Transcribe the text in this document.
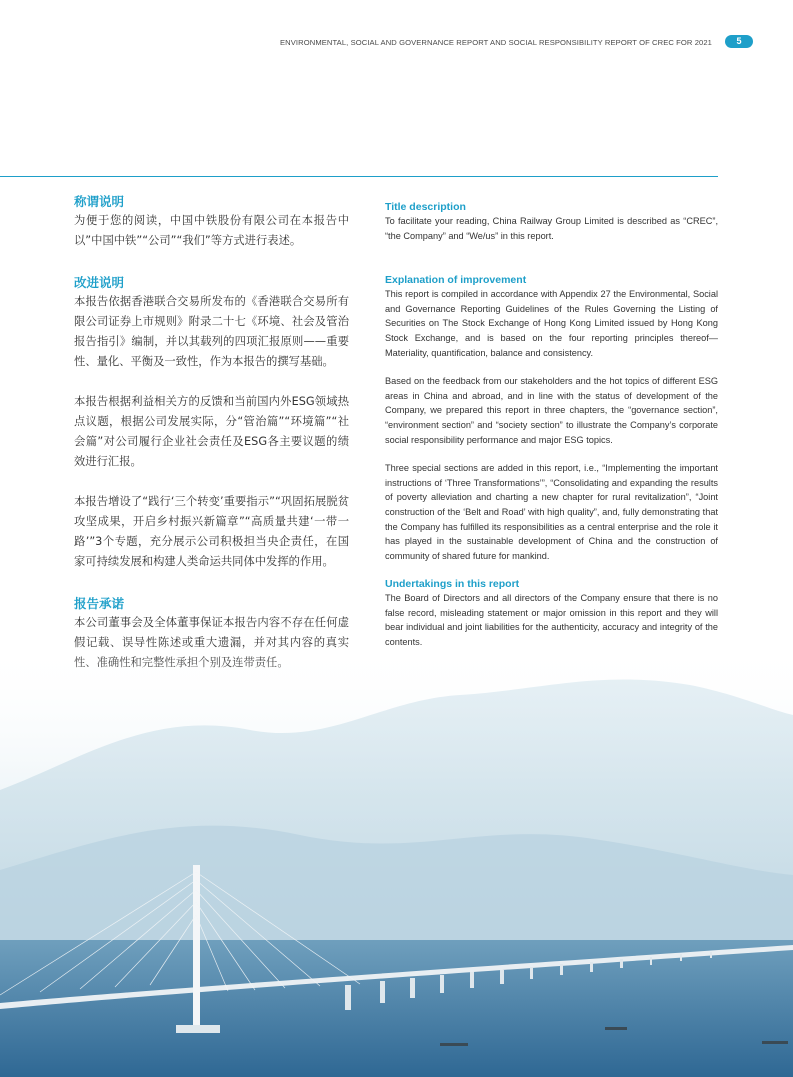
ENVIRONMENTAL, SOCIAL AND GOVERNANCE REPORT AND SOCIAL RESPONSIBILITY REPORT OF CREC FOR 2021	5
称谓说明

为便于您的阅读，中国中铁股份有限公司在本报告中以”中国中铁”“公司”“我们”等方式进行表述。

改进说明

本报告依据香港联合交易所发布的《香港联合交易所有限公司证券上市规则》附录二十七《环境、社会及管治报告指引》编制，并以其载列的四项汇报原则——重要性、量化、平衡及一致性，作为本报告的撰写基础。

本报告根据利益相关方的反馈和当前国内外ESG领域热点议题，根据公司发展实际，分“管治篇”“环境篇”“社会篇”对公司履行企业社会责任及ESG各主要议题的绩效进行汇报。

本报告增设了“践行‘三个转变’重要指示”“巩固拓展脱贫攻坚成果，开启乡村振兴新篇章”“高质量共建‘一带一路’”3个专题，充分展示公司积极担当央企责任，在国家可持续发展和构建人类命运共同体中发挥的作用。

报告承诺

本公司董事会及全体董事保证本报告内容不存在任何虚

Title description

To facilitate your reading, China Railway Group Limited is described as “CREC”, “the Company” and “We/us” in this report.

Explanation of improvement

This report is compiled in accordance with Appendix 27 the Environmental, Social and Governance Reporting Guidelines of the Rules Governing the Listing of Securities on The Stock Exchange of Hong Kong Limited issued by Hong Kong Stock Exchange, and is based on the four reporting principles thereof—Materiality, quantification, balance and consistency.

Based on the feedback from our stakeholders and the hot topics of different ESG areas in China and abroad, and in line with the status of development of the Company, we prepared this report in three chapters, the “governance section”, “environment section” and “society section” to illustrate the Company’s corporate social responsibility performance and major ESG topics.

Three special sections are added in this report, i.e., “Implementing the important instructions of ‘Three Transformations’”, “Consolidating and expanding the results of poverty alleviation and charting a new chapter for rural revitalization”, “Joint construction of the ‘Belt and Road’ with high quality”, and, fully demonstrating that the Company has fulfilled its responsibilities as a central enterprise and the role it has played in the sustainable development of China and the construction of community of shared future for mankind.

Undertakings in this report

The Board of Directors and all directors of the Company ensure that there is no false record, misleading statement or major omission in this report and they will bear individual and joint liabilities for the authenticity, accuracy and integrity of the
